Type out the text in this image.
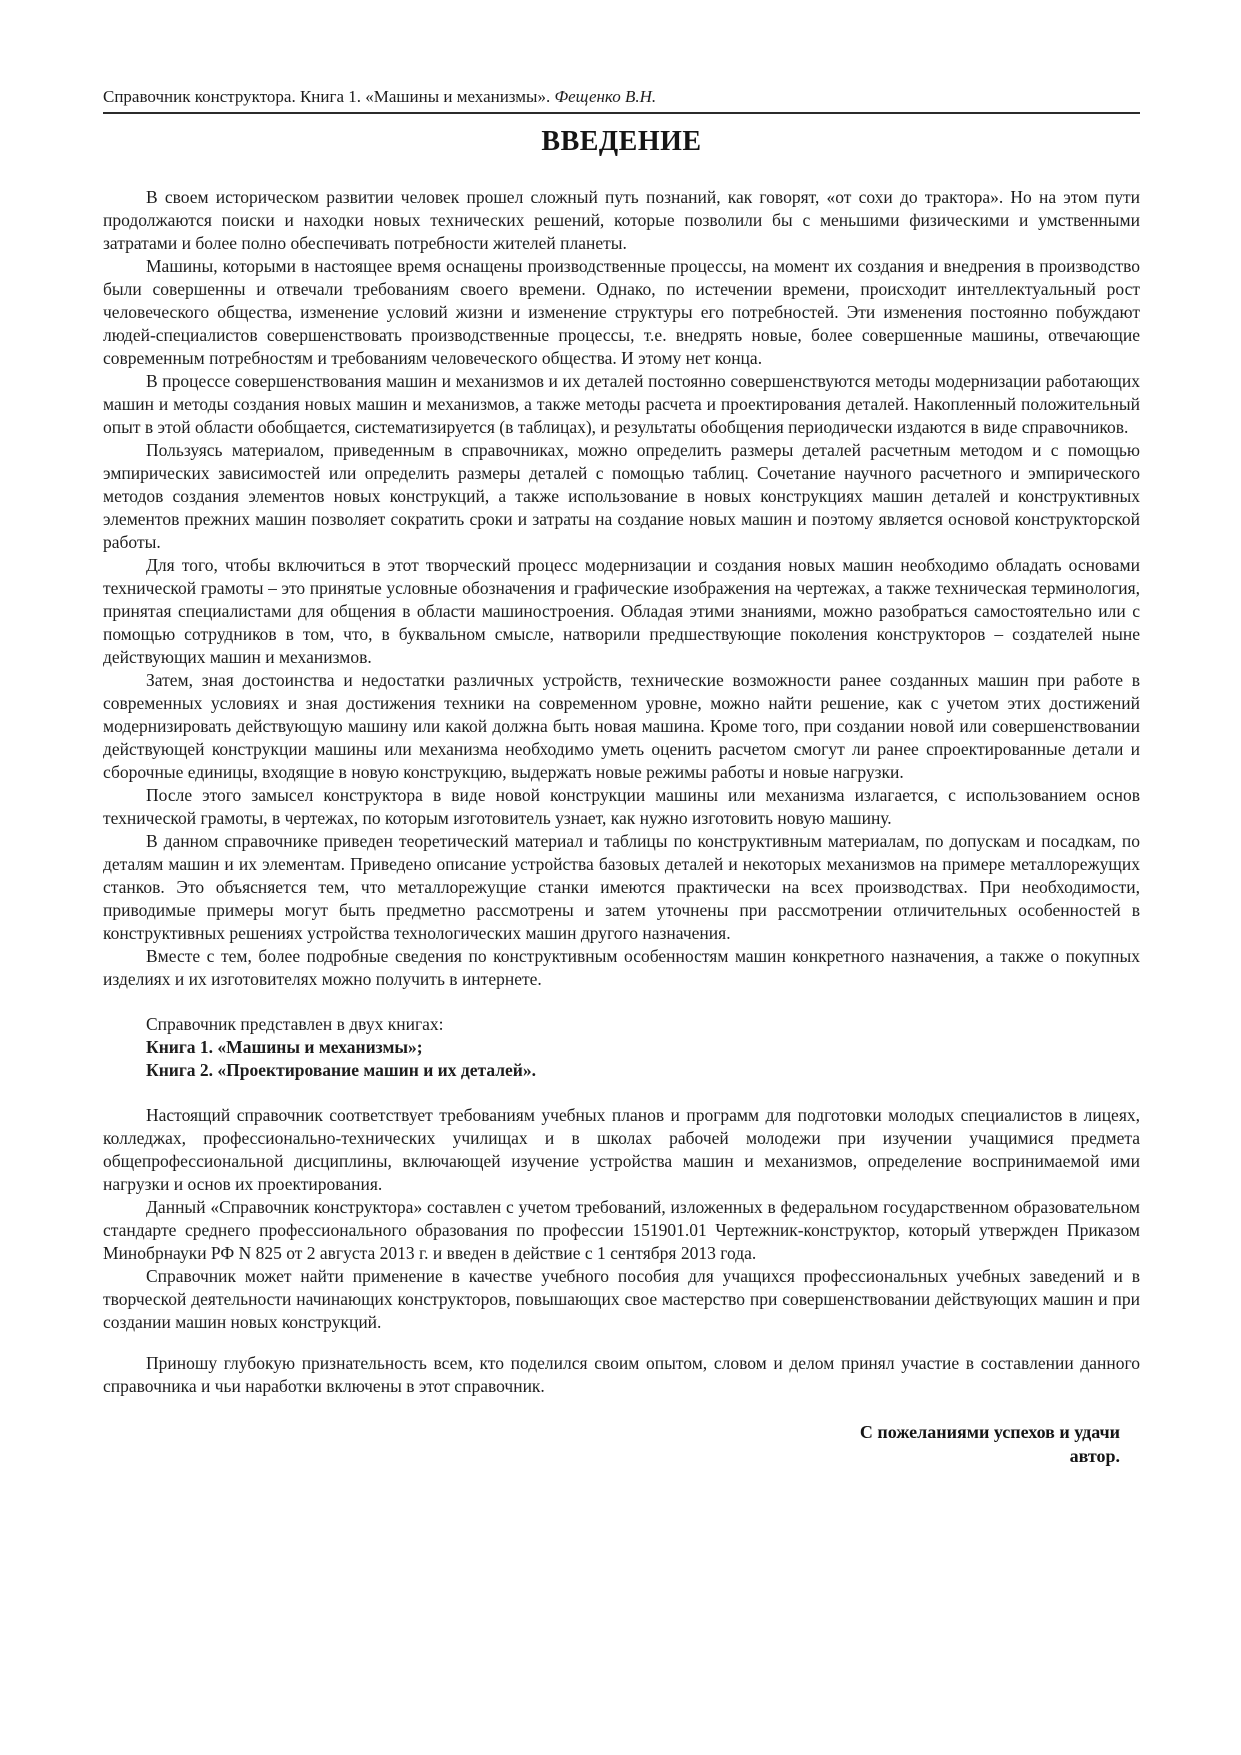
Справочник конструктора. Книга 1. «Машины и механизмы». Фещенко В.Н.
ВВЕДЕНИЕ

В своем историческом развитии человек прошел сложный путь познаний, как говорят, «от сохи до трактора». Но на этом пути продолжаются поиски и находки новых технических решений, которые позволили бы с меньшими физическими и умственными затратами и более полно обеспечивать потребности жителей планеты.

Машины, которыми в настоящее время оснащены производственные процессы, на момент их создания и внедрения в производство были совершенны и отвечали требованиям своего времени. Однако, по истечении времени, происходит интеллектуальный рост человеческого общества, изменение условий жизни и изменение структуры его потребностей. Эти изменения постоянно побуждают людей-специалистов совершенствовать производственные процессы, т.е. внедрять новые, более совершенные машины, отвечающие современным потребностям и требованиям человеческого общества. И этому нет конца.

В процессе совершенствования машин и механизмов и их деталей постоянно совершенствуются методы модернизации работающих машин и методы создания новых машин и механизмов, а также методы расчета и проектирования деталей. Накопленный положительный опыт в этой области обобщается, систематизируется (в таблицах), и результаты обобщения периодически издаются в виде справочников.

Пользуясь материалом, приведенным в справочниках, можно определить размеры деталей расчетным методом и с помощью эмпирических зависимостей или определить размеры деталей с помощью таблиц. Сочетание научного расчетного и эмпирического методов создания элементов новых конструкций, а также использование в новых конструкциях машин деталей и конструктивных элементов прежних машин позволяет сократить сроки и затраты на создание новых машин и поэтому является основой конструкторской работы.

Для того, чтобы включиться в этот творческий процесс модернизации и создания новых машин необходимо обладать основами технической грамоты – это принятые условные обозначения и графические изображения на чертежах, а также техническая терминология, принятая специалистами для общения в области машиностроения. Обладая этими знаниями, можно разобраться самостоятельно или с помощью сотрудников в том, что, в буквальном смысле, натворили предшествующие поколения конструкторов – создателей ныне действующих машин и механизмов.

Затем, зная достоинства и недостатки различных устройств, технические возможности ранее созданных машин при работе в современных условиях и зная достижения техники на современном уровне, можно найти решение, как с учетом этих достижений модернизировать действующую машину или какой должна быть новая машина. Кроме того, при создании новой или совершенствовании действующей конструкции машины или механизма необходимо уметь оценить расчетом смогут ли ранее спроектированные детали и сборочные единицы, входящие в новую конструкцию, выдержать новые режимы работы и новые нагрузки.

После этого замысел конструктора в виде новой конструкции машины или механизма излагается, с использованием основ технической грамоты, в чертежах, по которым изготовитель узнает, как нужно изготовить новую машину.

В данном справочнике приведен теоретический материал и таблицы по конструктивным материалам, по допускам и посадкам, по деталям машин и их элементам. Приведено описание устройства базовых деталей и некоторых механизмов на примере металлорежущих станков. Это объясняется тем, что металлорежущие станки имеются практически на всех производствах. При необходимости, приводимые примеры могут быть предметно рассмотрены и затем уточнены при рассмотрении отличительных особенностей в конструктивных решениях устройства технологических машин другого назначения.

Вместе с тем, более подробные сведения по конструктивным особенностям машин конкретного назначения, а также о покупных изделиях и их изготовителях можно получить в интернете.

Справочник представлен в двух книгах:

Книга 1. «Машины и механизмы»;

Книга 2. «Проектирование машин и их деталей».

Настоящий справочник соответствует требованиям учебных планов и программ для подготовки молодых специалистов в лицеях, колледжах, профессионально-технических училищах и в школах рабочей молодежи при изучении учащимися предмета общепрофессиональной дисциплины, включающей изучение устройства машин и механизмов, определение воспринимаемой ими нагрузки и основ их проектирования.

Данный «Справочник конструктора» составлен с учетом требований, изложенных в федеральном государственном образовательном стандарте среднего профессионального образования по профессии 151901.01 Чертежник-конструктор, который утвержден Приказом Минобрнауки РФ N 825 от 2 августа 2013 г. и введен в действие с 1 сентября 2013 года.

Справочник может найти применение в качестве учебного пособия для учащихся профессиональных учебных заведений и в творческой деятельности начинающих конструкторов, повышающих свое мастерство при совершенствовании действующих машин и при создании машин новых конструкций.

Приношу глубокую признательность всем, кто поделился своим опытом, словом и делом принял участие в составлении данного справочника и чьи наработки включены в этот справочник.

С пожеланиями успехов и удачи
автор.
